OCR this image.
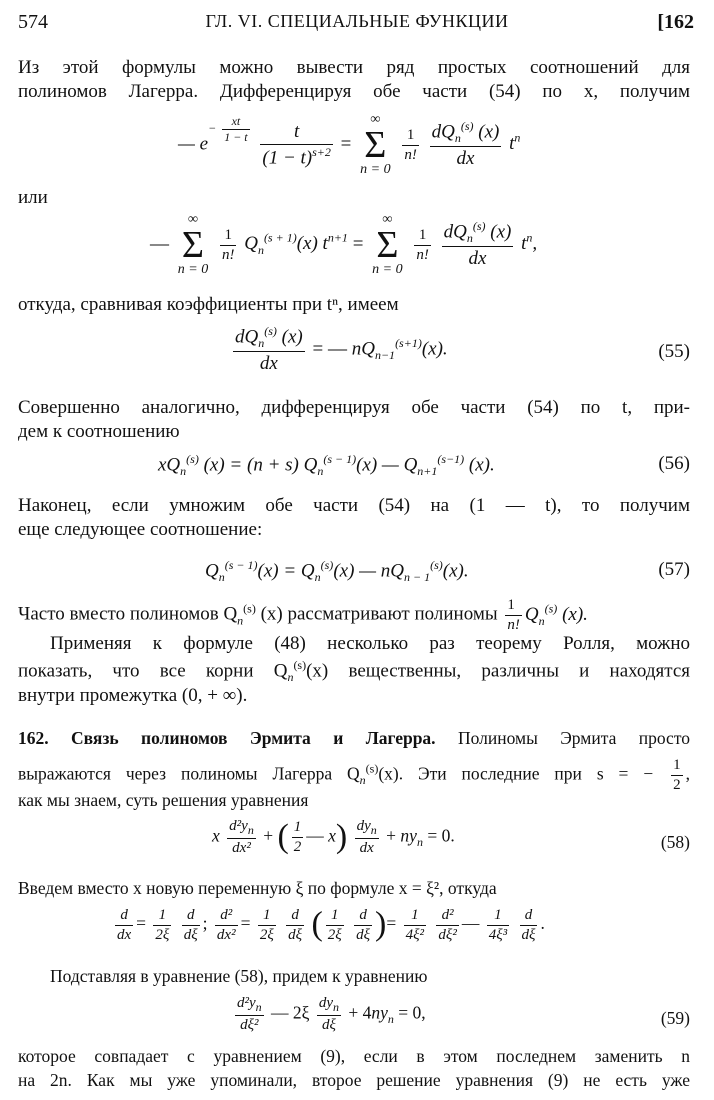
574	ГЛ. VI. СПЕЦИАЛЬНЫЕ ФУНКЦИИ	[162
Из этой формулы можно вывести ряд простых соотношений для
полиномов Лагерра. Дифференцируя обе части (54) по x, получим
— $e^{- \frac{xt}{1 - t}}$
$\frac{t}{(1 - t)^{s+2}}$ =
∞
Σ
n = 0

$\frac{1}{n!}$
$\frac{dQ_n^{(s)} (x)}{dx} t^n$
или
—
∞
Σ
n = 0

$\frac{1}{n!} Q_n^{(s + 1)}(x) t^{n+1}$ =
∞
Σ
n = 0

$\frac{1}{n!}$
$\frac{dQ_n^{(s)} (x)}{dx} t^n$,
откуда, сравнивая коэффициенты при tⁿ, имеем
$\frac{dQ_n^{(s)} (x)}{dx}$ = — $nQ_{n-1}^{(s+1)}(x)$.	(55)
Совершенно аналогично, дифференцируя обе части (54) по t, при-
дем к соотношению
$xQ_n^{(s)}$ (x) = (n + s) $Q_n^{(s - 1)}(x)$ — $Q_{n+1}^{(s-1)}$ (x).	(56)
Наконец, если умножим обе части (54) на (1 — t), то получим
еще следующее соотношение:
$Q_n^{(s - 1)}(x) = Q_n^{(s)}(x)$ — $nQ_{n - 1}^{(s)}(x)$.	(57)
Часто вместо полиномов $Q_n^{(s)}$ (x) рассматривают полиномы $\frac{1}{n!} Q_n^{(s)}$ (x).
Применяя к формуле (48) несколько раз теорему Ролля, можно
показать, что все корни $Q_n^{(s)}(x)$ вещественны, различны и находятся
внутри промежутка (0, + ∞).
162. Связь полиномов Эрмита и Лагерра. Полиномы Эрмита просто
выражаются через полиномы Лагерра $Q_n^{(s)}(x)$. Эти последние при s = − $\frac{1}{2}$ ,
как мы знаем, суть решения уравнения
x $\frac{d^2y_n}{\text{dx²}}$ + ( $\frac{1}{2}$ — $x) \frac{dy_n}{dx} + ny_n = 0$.	(58)
Введем вместо x новую переменную ξ по формуле x = ξ², откуда
$\frac{d}{dx} = \frac{1}{2\xi}$
$\frac{d}{d\xi}$ ; $\frac{\text{d²}}{\text{dx²}} = \frac{1}{2\xi}$
$\frac{d}{d\xi}$ ( $\frac{1}{2\xi}$
$\frac{d}{d\xi}$ )= $\frac{1}{\text{4ξ²}}$
$\frac{\text{d²}}{\text{dξ²}}$ — $\frac{1}{\text{4ξ³}}$
$\frac{d}{d\xi}$ .
Подставляя в уравнение (58), придем к уравнению
$\frac{d^2y_n}{\text{dξ²}}$ — $2\xi \frac{dy_n}{d\xi} + 4ny_n = 0$,	(59)
которое совпадает с уравнением (9), если в этом последнем заменить n
на 2n. Как мы уже упоминали, второе решение уравнения (9) не есть уже
